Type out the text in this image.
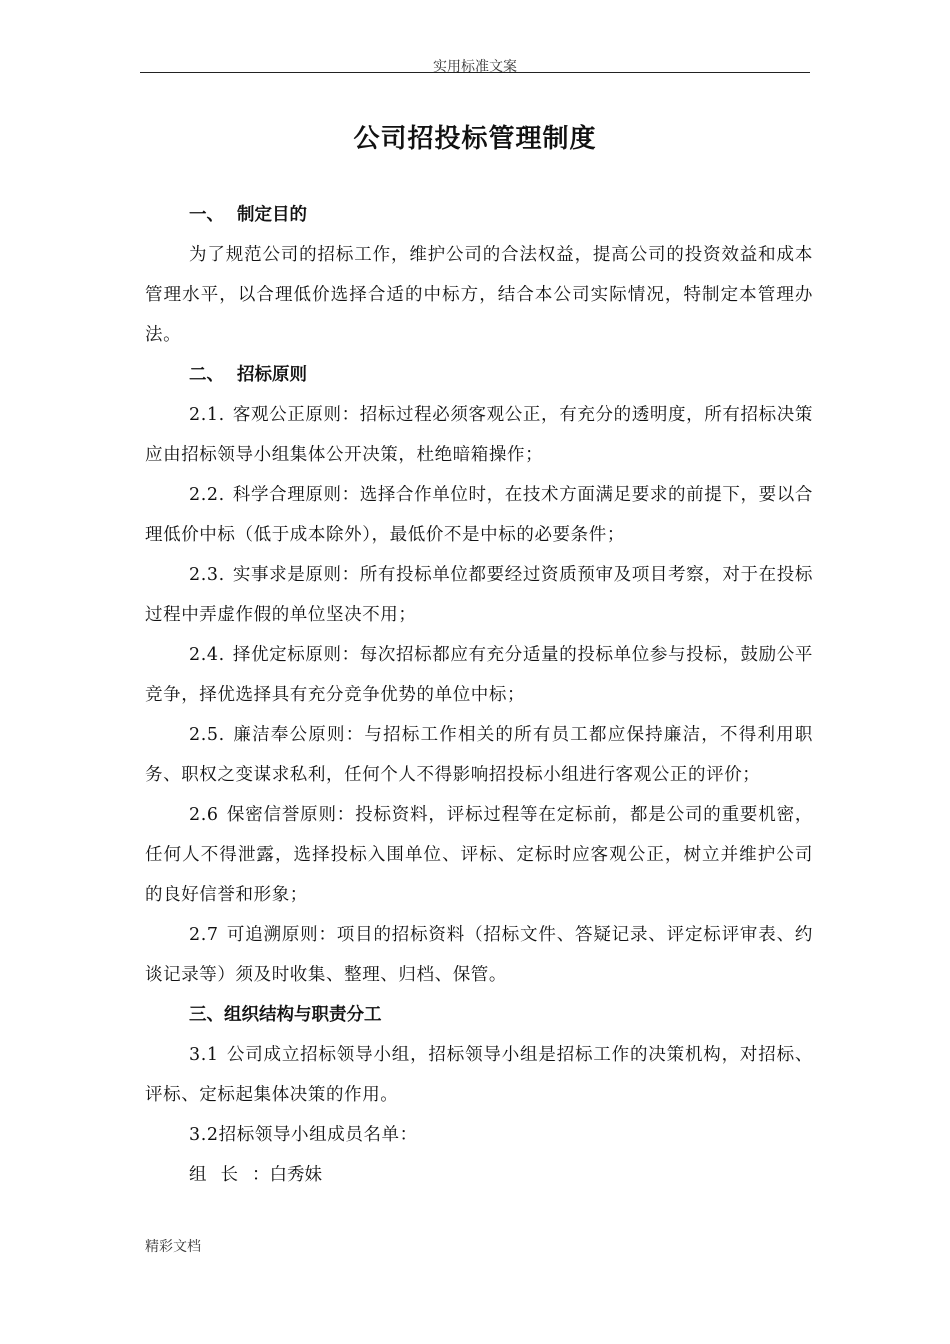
实用标准文案
公司招投标管理制度

一、 制定目的

为了规范公司的招标工作，维护公司的合法权益，提高公司的投资效益和成本管理水平，以合理低价选择合适的中标方，结合本公司实际情况，特制定本管理办法。

二、 招标原则

2.1. 客观公正原则：招标过程必须客观公正，有充分的透明度，所有招标决策应由招标领导小组集体公开决策，杜绝暗箱操作；

2.2. 科学合理原则：选择合作单位时，在技术方面满足要求的前提下，要以合理低价中标（低于成本除外），最低价不是中标的必要条件；

2.3. 实事求是原则：所有投标单位都要经过资质预审及项目考察，对于在投标过程中弄虚作假的单位坚决不用；

2.4. 择优定标原则：每次招标都应有充分适量的投标单位参与投标，鼓励公平竞争，择优选择具有充分竞争优势的单位中标；

2.5. 廉洁奉公原则：与招标工作相关的所有员工都应保持廉洁，不得利用职务、职权之变谋求私利，任何个人不得影响招投标小组进行客观公正的评价；

2.6 保密信誉原则：投标资料，评标过程等在定标前，都是公司的重要机密，任何人不得泄露，选择投标入围单位、评标、定标时应客观公正，树立并维护公司的良好信誉和形象；

2.7 可追溯原则：项目的招标资料（招标文件、答疑记录、评定标评审表、约谈记录等）须及时收集、整理、归档、保管。

三、组织结构与职责分工

3.1 公司成立招标领导小组，招标领导小组是招标工作的决策机构，对招标、评标、定标起集体决策的作用。

3.2招标领导小组成员名单：

组长：白秀妹

精彩文档
